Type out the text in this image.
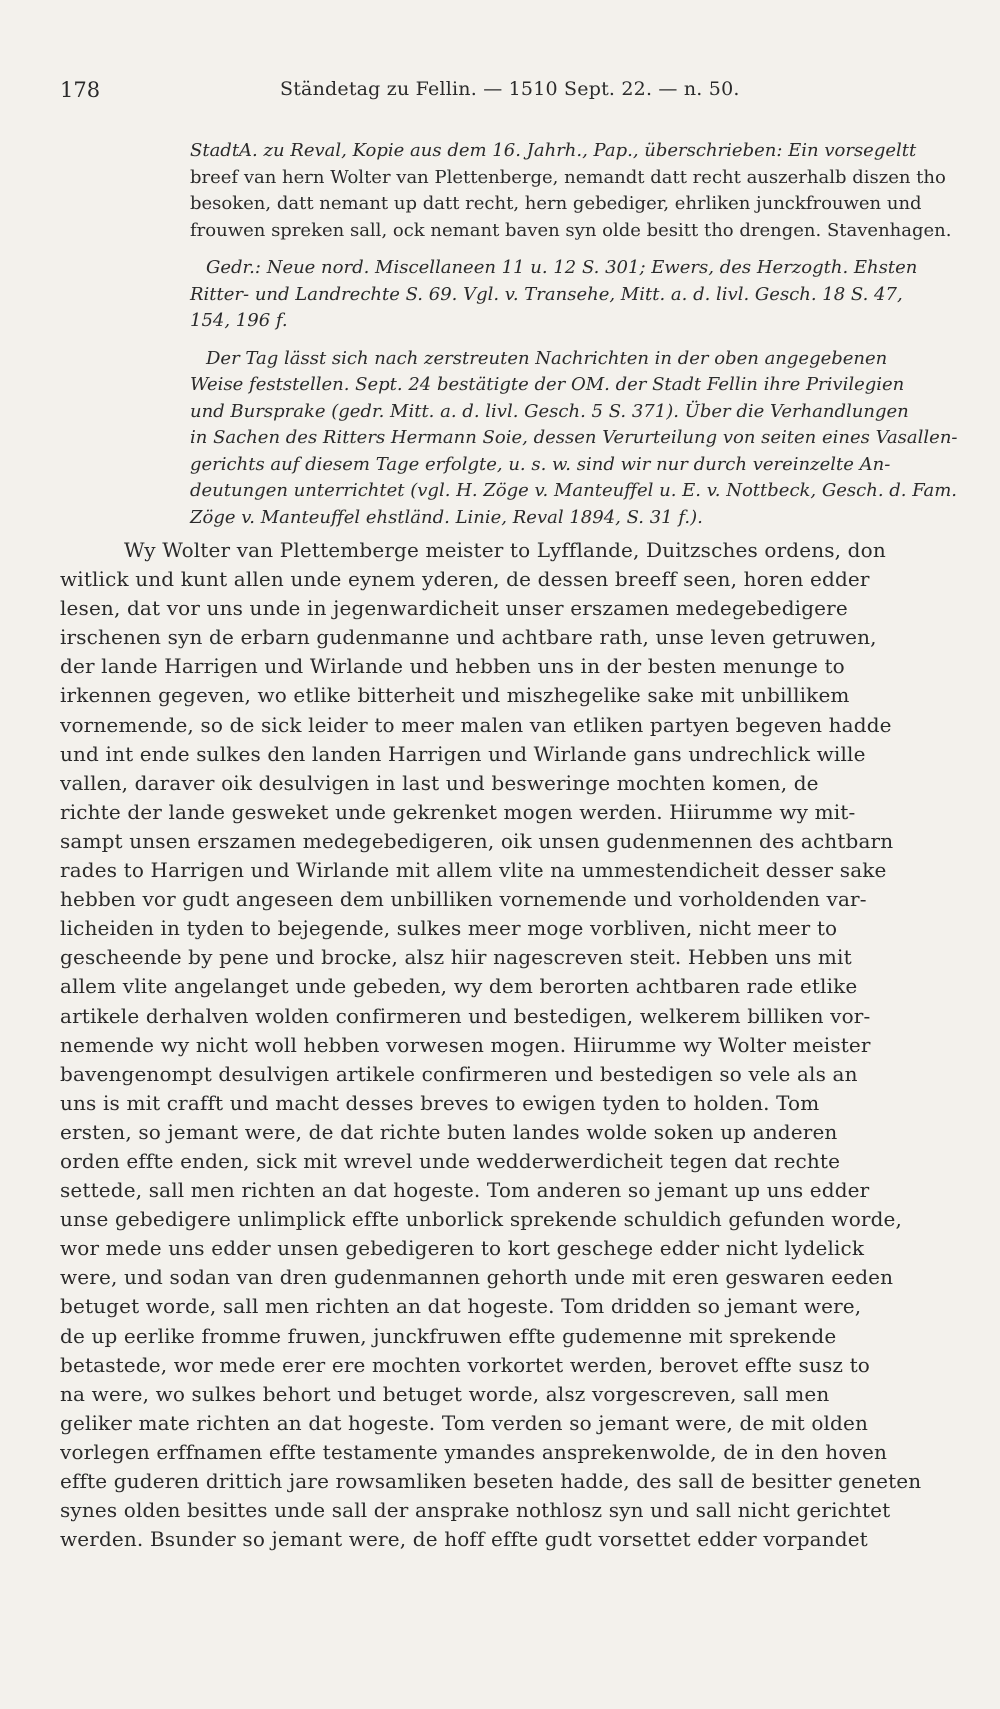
178	Ständetag zu Fellin. — 1510 Sept. 22. — n. 50.

StadtA. zu Reval, Kopie aus dem 16. Jahrh., Pap., überschrieben: Ein vorsegeltt
breef van hern Wolter van Plettenberge, nemandt datt recht auszerhalb diszen tho
besoken, datt nemant up datt recht, hern gebediger, ehrliken junckfrouwen und
frouwen spreken sall, ock nemant baven syn olde besitt tho drengen. Stavenhagen.

Gedr.: Neue nord. Miscellaneen 11 u. 12 S. 301; Ewers, des Herzogth. Ehsten
Ritter- und Landrechte S. 69. Vgl. v. Transehe, Mitt. a. d. livl. Gesch. 18 S. 47,
154, 196 f.

Der Tag lässt sich nach zerstreuten Nachrichten in der oben angegebenen
Weise feststellen. Sept. 24 bestätigte der OM. der Stadt Fellin ihre Privilegien
und Bursprake (gedr. Mitt. a. d. livl. Gesch. 5 S. 371). Über die Verhandlungen
in Sachen des Ritters Hermann Soie, dessen Verurteilung von seiten eines Vasallen-
gerichts auf diesem Tage erfolgte, u. s. w. sind wir nur durch vereinzelte An-
deutungen unterrichtet (vgl. H. Zöge v. Manteuffel u. E. v. Nottbeck, Gesch. d. Fam.
Zöge v. Manteuffel ehstländ. Linie, Reval 1894, S. 31 f.).

Wy Wolter van Plettemberge meister to Lyfflande, Duitzsches ordens, don
witlick und kunt allen unde eynem yderen, de dessen breeff seen, horen edder
lesen, dat vor uns unde in jegenwardicheit unser erszamen medegebedigere
irschenen syn de erbarn gudenmanne und achtbare rath, unse leven getruwen,
der lande Harrigen und Wirlande und hebben uns in der besten menunge to
irkennen gegeven, wo etlike bitterheit und miszhegelike sake mit unbillikem
vornemende, so de sick leider to meer malen van etliken partyen begeven hadde
und int ende sulkes den landen Harrigen und Wirlande gans undrechlick wille
vallen, daraver oik desulvigen in last und besweringe mochten komen, de
richte der lande gesweket unde gekrenket mogen werden. Hiirumme wy mit-
sampt unsen erszamen medegebedigeren, oik unsen gudenmennen des achtbarn
rades to Harrigen und Wirlande mit allem vlite na ummestendicheit desser sake
hebben vor gudt angeseen dem unbilliken vornemende und vorholdenden var-
licheiden in tyden to bejegende, sulkes meer moge vorbliven, nicht meer to
gescheende by pene und brocke, alsz hiir nagescreven steit. Hebben uns mit
allem vlite angelanget unde gebeden, wy dem berorten achtbaren rade etlike
artikele derhalven wolden confirmeren und bestedigen, welkerem billiken vor-
nemende wy nicht woll hebben vorwesen mogen. Hiirumme wy Wolter meister
bavengenompt desulvigen artikele confirmeren und bestedigen so vele als an
uns is mit crafft und macht desses breves to ewigen tyden to holden. Tom
ersten, so jemant were, de dat richte buten landes wolde soken up anderen
orden effte enden, sick mit wrevel unde wedderwerdicheit tegen dat rechte
settede, sall men richten an dat hogeste. Tom anderen so jemant up uns edder
unse gebedigere unlimplick effte unborlick sprekende schuldich gefunden worde,
wor mede uns edder unsen gebedigeren to kort geschege edder nicht lydelick
were, und sodan van dren gudenmannen gehorth unde mit eren geswaren eeden
betuget worde, sall men richten an dat hogeste. Tom dridden so jemant were,
de up eerlike fromme fruwen, junckfruwen effte gudemenne mit sprekende
betastede, wor mede erer ere mochten vorkortet werden, berovet effte susz to
na were, wo sulkes behort und betuget worde, alsz vorgescreven, sall men
geliker mate richten an dat hogeste. Tom verden so jemant were, de mit olden
vorlegen erffnamen effte testamente ymandes ansprekenwolde, de in den hoven
effte guderen drittich jare rowsamliken beseten hadde, des sall de besitter geneten
synes olden besittes unde sall der ansprake nothlosz syn und sall nicht gerichtet
werden. Bsunder so jemant were, de hoff effte gudt vorsettet edder vorpandet
